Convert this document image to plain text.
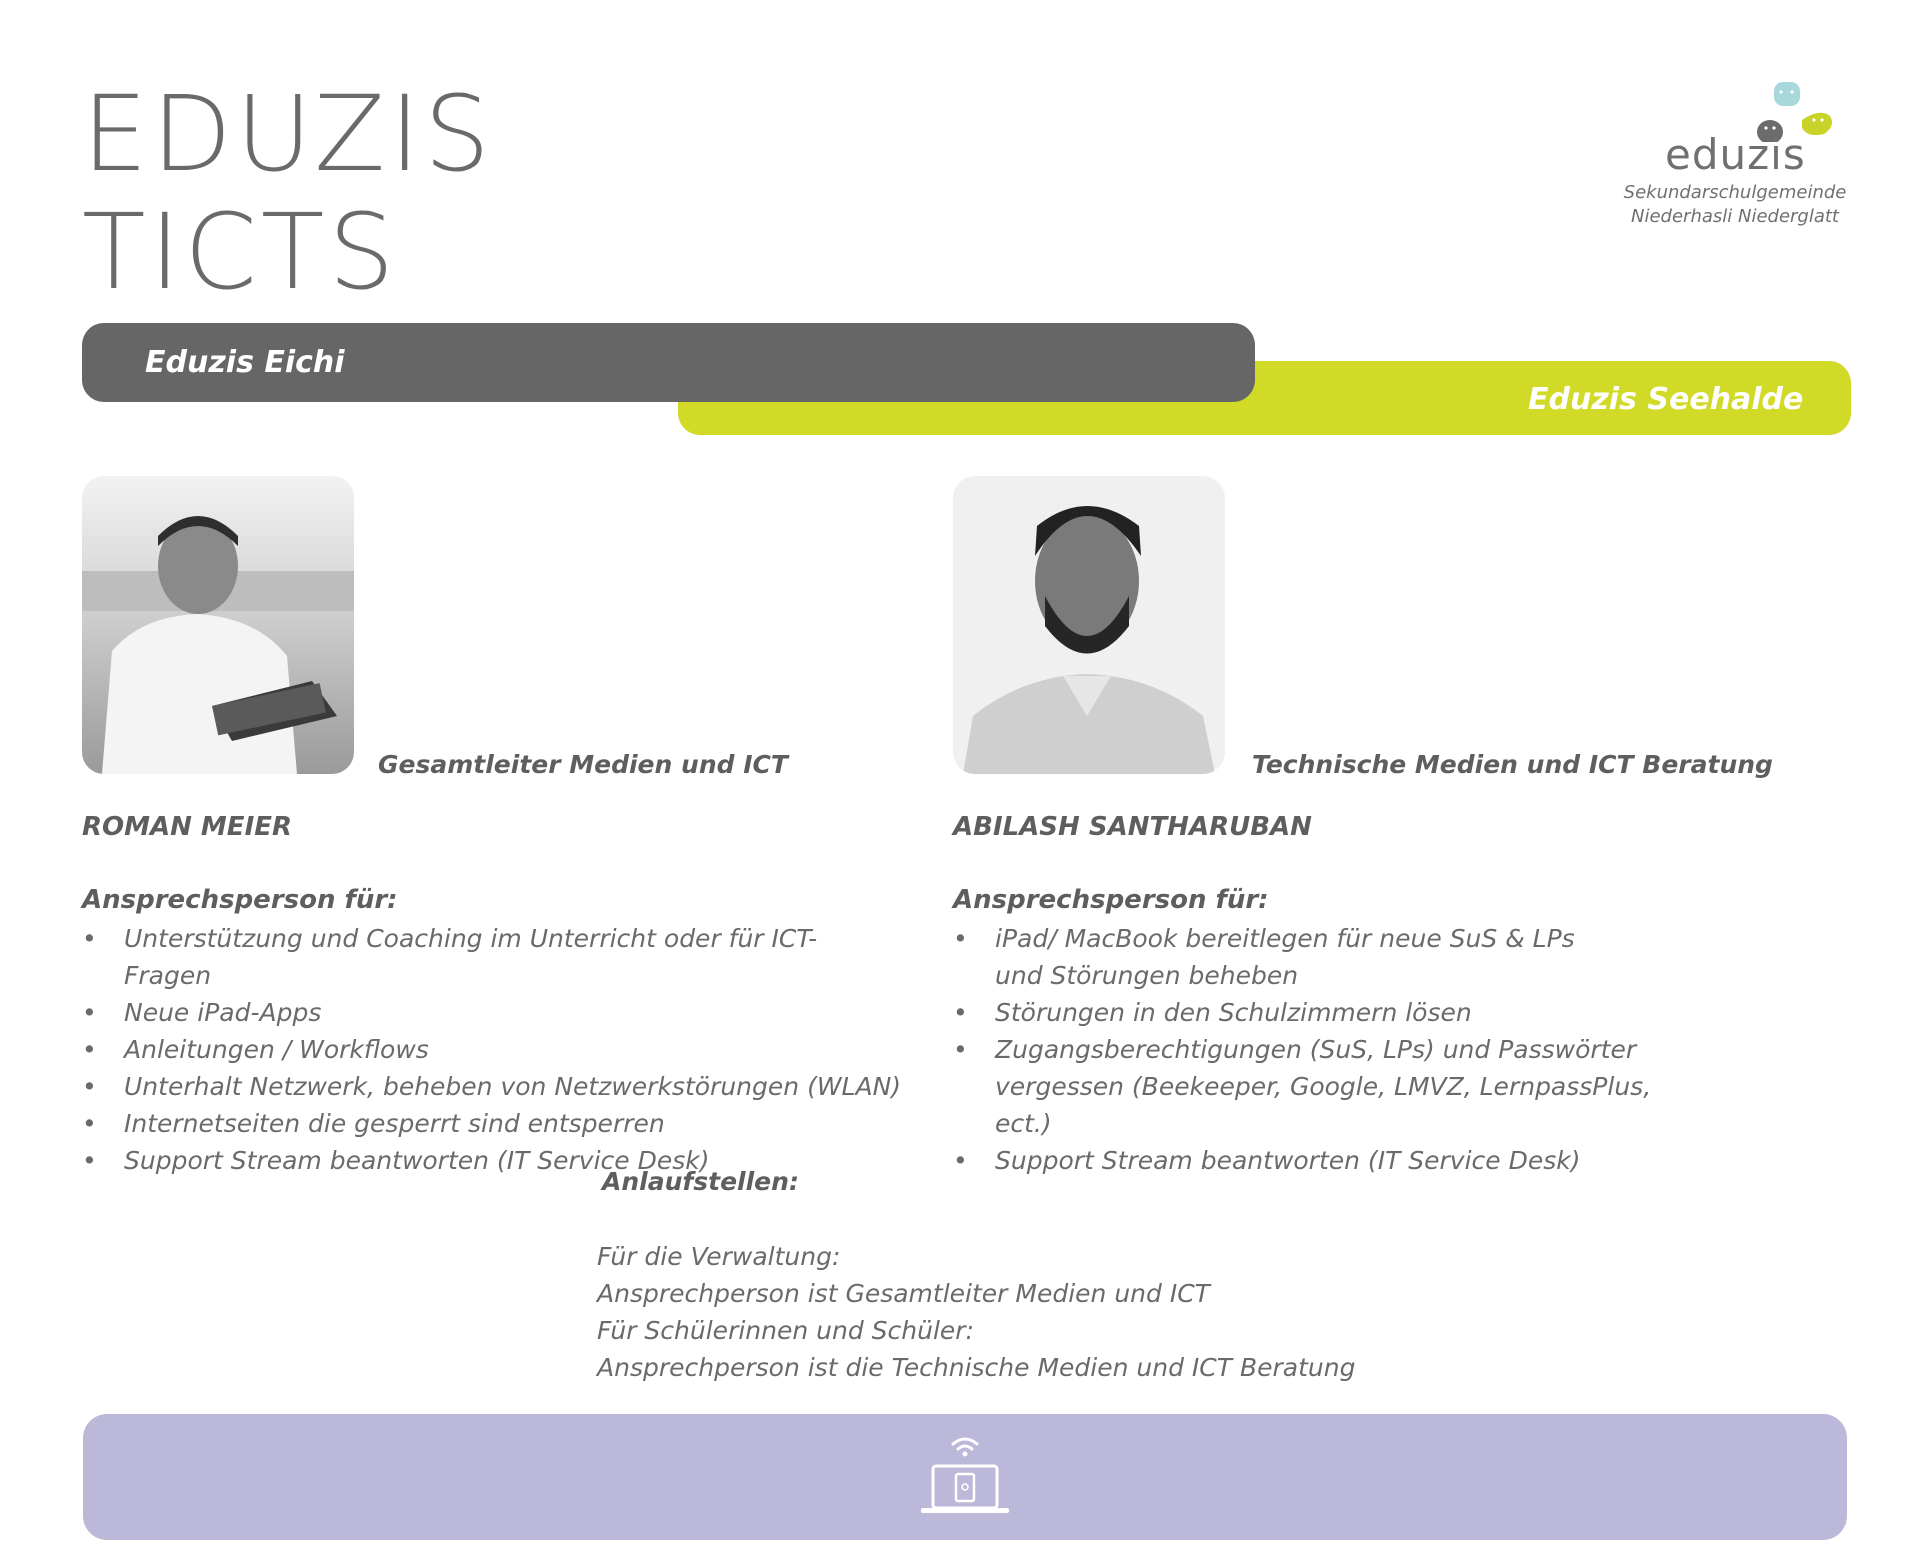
EDUZIS
TICTS
eduzis
Sekundarschulgemeinde
Niederhasli Niederglatt
Eduzis Eichi
Eduzis Seehalde
Gesamtleiter Medien und ICT
ROMAN MEIER
Ansprechsperson für:
• Unterstützung und Coaching im Unterricht oder für ICT-Fragen
• Neue iPad-Apps
• Anleitungen / Workflows
• Unterhalt Netzwerk, beheben von Netzwerkstörungen (WLAN)
• Internetseiten die gesperrt sind entsperren
• Support Stream beantworten (IT Service Desk)
Technische Medien und ICT Beratung
ABILASH SANTHARUBAN
Ansprechsperson für:
• iPad/ MacBook bereitlegen für neue SuS & LPs und Störungen beheben
• Störungen in den Schulzimmern lösen
• Zugangsberechtigungen (SuS, LPs) und Passwörter vergessen (Beekeeper, Google, LMVZ, LernpassPlus, ect.)
• Support Stream beantworten (IT Service Desk)
Anlaufstellen:
Für die Verwaltung:
Ansprechperson ist Gesamtleiter Medien und ICT
Für Schülerinnen und Schüler:
Ansprechperson ist die Technische Medien und ICT Beratung
